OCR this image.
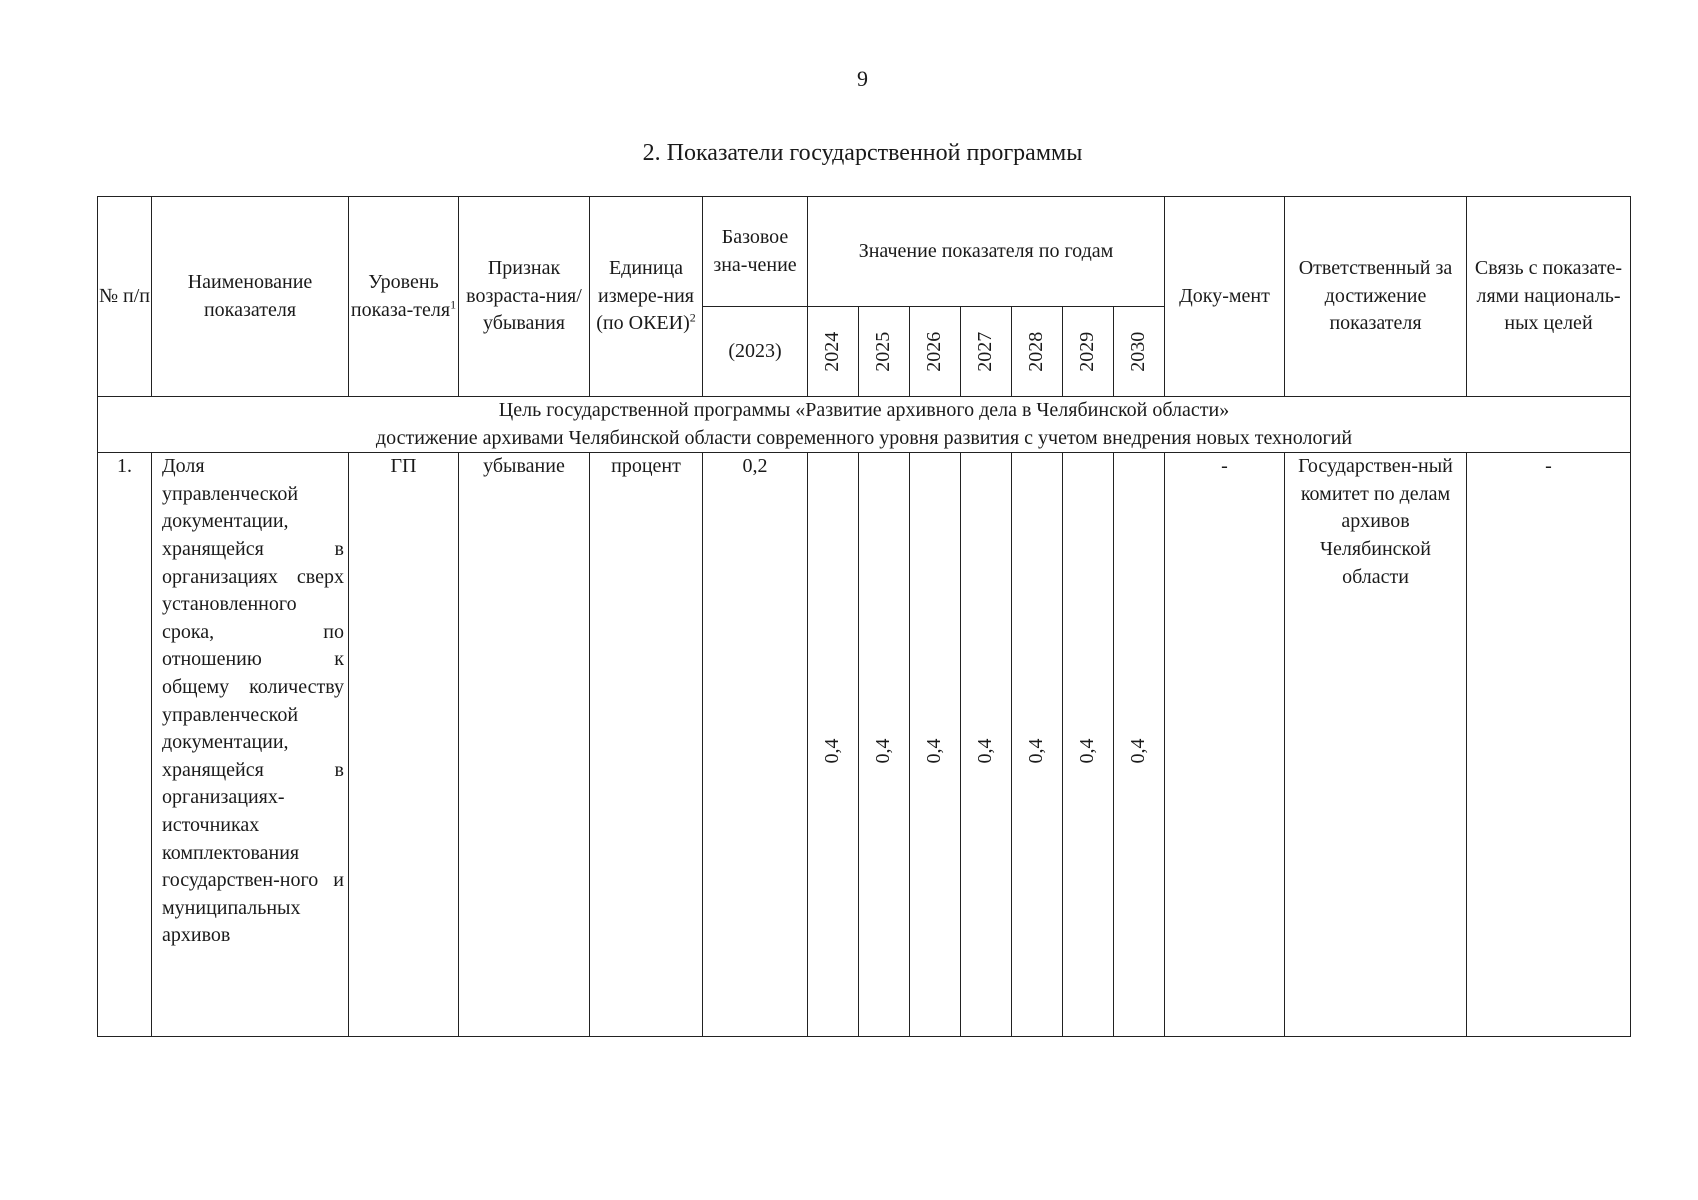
9
2. Показатели государственной программы
№ п/п	Наименование показателя	Уровень показа-теля$^1$	Признак возраста-ния/ убывания	Единица измере-ния (по ОКЕИ)$^2$	Базовое зна-чение	Значение показателя по годам							Доку-мент	Ответственный за достижение показателя	Связь с показате-лями националь-ных целей
					(2023)	2024	2025	2026	2027	2028	2029	2030			

Цель государственной программы «Развитие архивного дела в Челябинской области»
достижение архивами Челябинской области современного уровня развития с учетом внедрения новых технологий															

1.	Доля управленческой документации, хранящейся в организациях сверх установленного срока, по отношению к общему количеству управленческой документации, хранящейся в организациях-источниках комплектования государствен-ного и муниципальных архивов	ГП	убывание	процент	0,2	0,4	0,4	0,4	0,4	0,4	0,4	0,4	-	Государствен-ный комитет по делам архивов Челябинской области	-
